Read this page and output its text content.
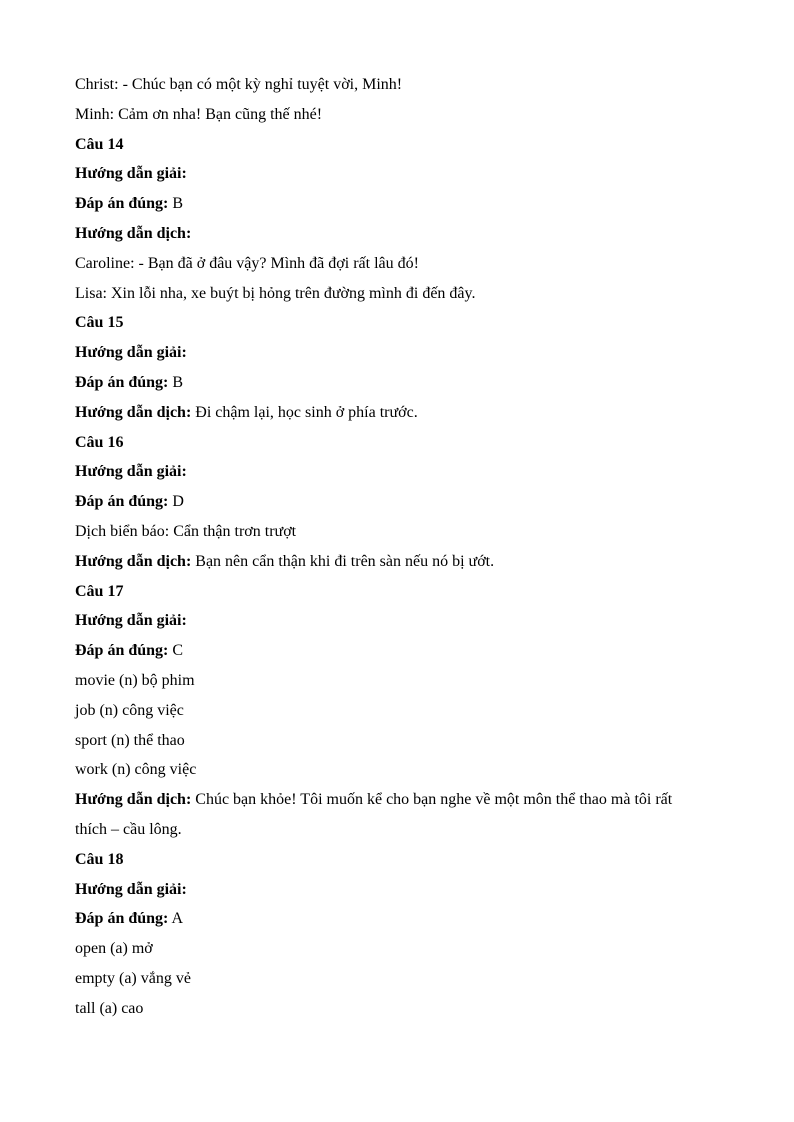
Christ: - Chúc bạn có một kỳ nghỉ tuyệt vời, Minh!
Minh: Cảm ơn nha! Bạn cũng thế nhé!
Câu 14
Hướng dẫn giải:
Đáp án đúng: B
Hướng dẫn dịch:
Caroline: - Bạn đã ở đâu vậy? Mình đã đợi rất lâu đó!
Lisa: Xin lỗi nha, xe buýt bị hỏng trên đường mình đi đến đây.
Câu 15
Hướng dẫn giải:
Đáp án đúng: B
Hướng dẫn dịch: Đi chậm lại, học sinh ở phía trước.
Câu 16
Hướng dẫn giải:
Đáp án đúng: D
Dịch biển báo: Cẩn thận trơn trượt
Hướng dẫn dịch: Bạn nên cẩn thận khi đi trên sàn nếu nó bị ướt.
Câu 17
Hướng dẫn giải:
Đáp án đúng: C
movie (n) bộ phim
job (n) công việc
sport (n) thể thao
work (n) công việc
Hướng dẫn dịch: Chúc bạn khỏe! Tôi muốn kể cho bạn nghe về một môn thể thao mà tôi rất
thích – cầu lông.
Câu 18
Hướng dẫn giải:
Đáp án đúng: A
open (a) mở
empty (a) vắng vẻ
tall (a) cao
